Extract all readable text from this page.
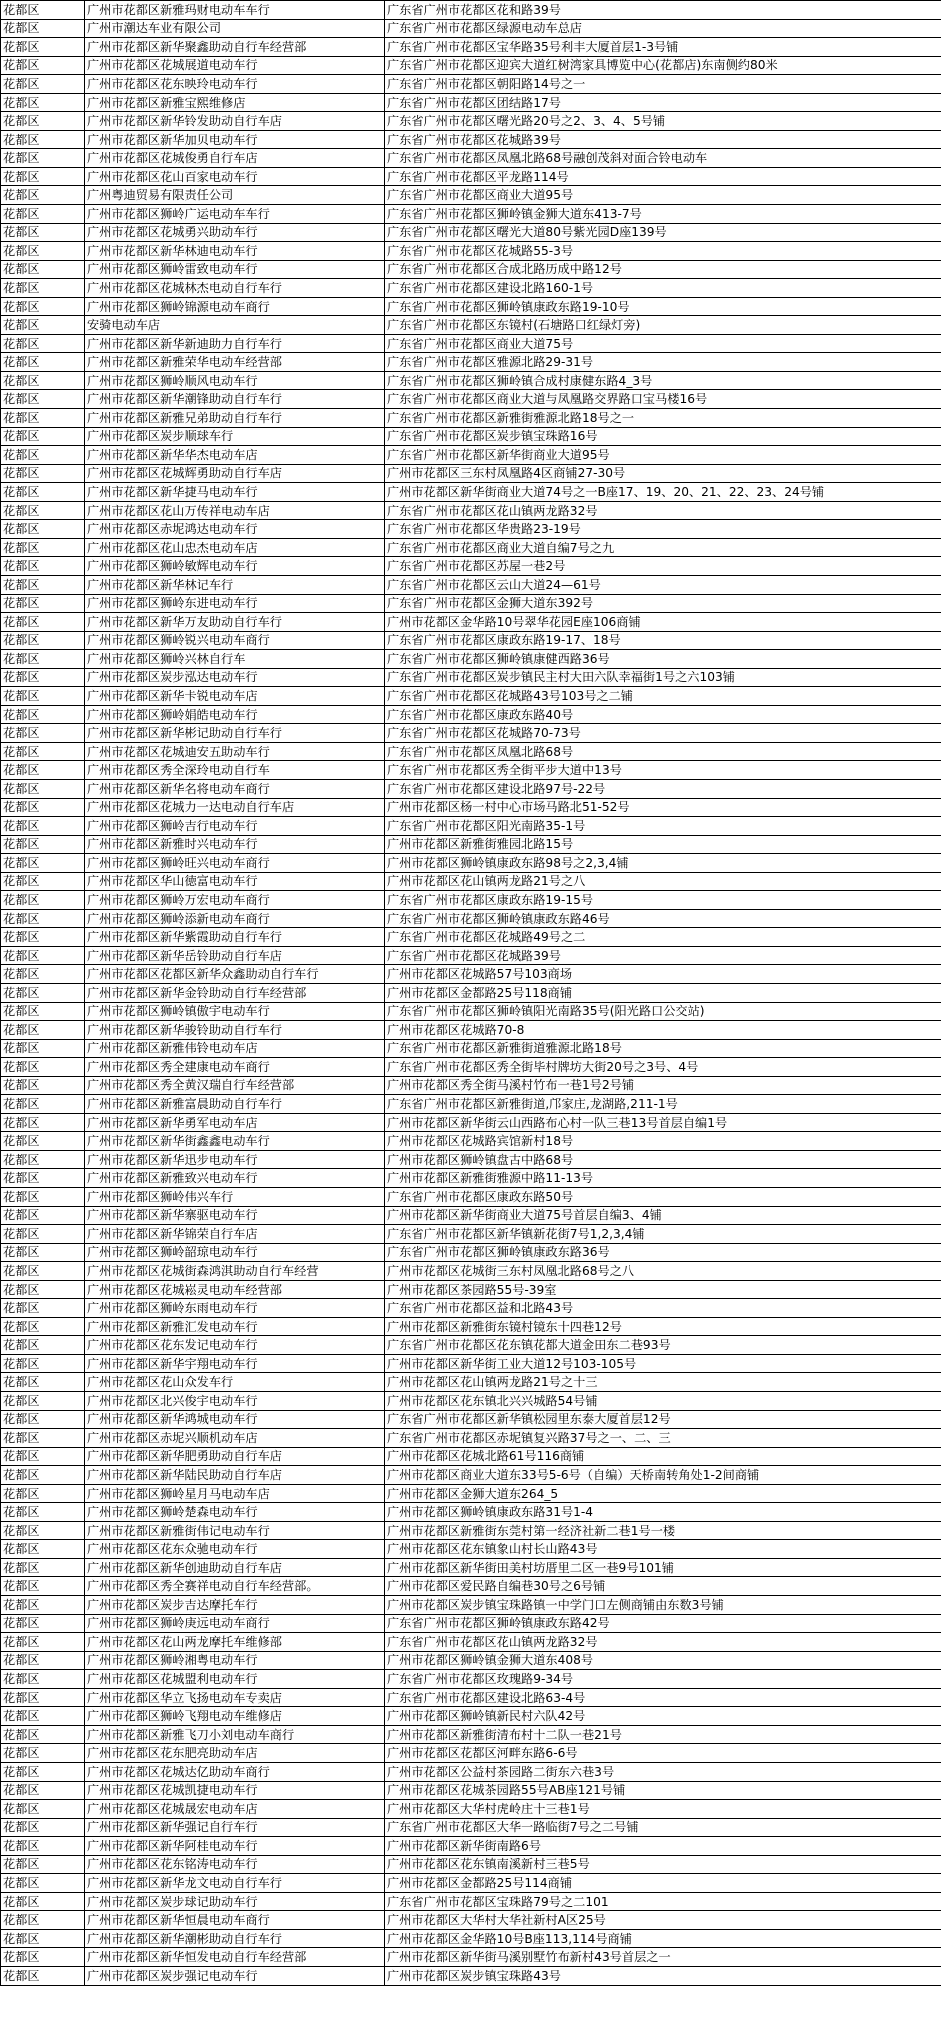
花都区	广州市花都区新雅玛财电动车车行	广东省广州市花都区花和路39号
花都区	广州市潮达车业有限公司	广东省广州市花都区绿源电动车总店
花都区	广州市花都区新华聚鑫助动自行车经营部	广东省广州市花都区宝华路35号利丰大厦首层1-3号铺
花都区	广州市花都区花城展道电动车行	广东省广州市花都区迎宾大道红树湾家具博览中心(花都店)东南侧约80米
花都区	广州市花都区花东映玲电动车行	广东省广州市花都区朝阳路14号之一
花都区	广州市花都区新雅宝熙维修店	广东省广州市花都区团结路17号
花都区	广州市花都区新华铃发助动自行车店	广东省广州市花都区曙光路20号之2、3、4、5号铺
花都区	广州市花都区新华加贝电动车行	广东省广州市花都区花城路39号
花都区	广州市花都区花城俊勇自行车店	广东省广州市花都区凤凰北路68号融创茂斜对面合铃电动车
花都区	广州市花都区花山百家电动车行	广东省广州市花都区平龙路114号
花都区	广州粤迪贸易有限责任公司	广东省广州市花都区商业大道95号
花都区	广州市花都区狮岭广运电动车车行	广东省广州市花都区狮岭镇金狮大道东413-7号
花都区	广州市花都区花城勇兴助动车行	广东省广州市花都区曙光大道80号紫光园D座139号
花都区	广州市花都区新华林迪电动车行	广东省广州市花都区花城路55-3号
花都区	广州市花都区狮岭雷致电动车行	广东省广州市花都区合成北路历成中路12号
花都区	广州市花都区花城林杰电动自行车行	广东省广州市花都区建设北路160-1号
花都区	广州市花都区狮岭锦源电动车商行	广东省广州市花都区狮岭镇康政东路19-10号
花都区	安骑电动车店	广东省广州市花都区东镜村(石塘路口红绿灯旁)
花都区	广州市花都区新华新迪助力自行车行	广东省广州市花都区商业大道75号
花都区	广州市花都区新雅荣华电动车经营部	广东省广州市花都区雅源北路29-31号
花都区	广州市花都区狮岭顺风电动车行	广东省广州市花都区狮岭镇合成村康健东路4_3号
花都区	广州市花都区新华潮锋助动自行车行	广东省广州市花都区商业大道与凤凰路交界路口宝马楼16号
花都区	广州市花都区新雅兄弟助动自行车行	广东省广州市花都区新雅街雅源北路18号之一
花都区	广州市花都区炭步顺球车行	广东省广州市花都区炭步镇宝珠路16号
花都区	广州市花都区新华华杰电动车店	广东省广州市花都区新华街商业大道95号
花都区	广州市花都区花城辉勇助动自行车店	广州市花都区三东村凤凰路4区商铺27-30号
花都区	广州市花都区新华捷马电动车行	广州市花都区新华街商业大道74号之一B座17、19、20、21、22、23、24号铺
花都区	广州市花都区花山万传祥电动车店	广东省广州市花都区花山镇两龙路32号
花都区	广州市花都区赤坭鸿达电动车行	广东省广州市花都区华贵路23-19号
花都区	广州市花都区花山忠杰电动车店	广东省广州市花都区商业大道自编7号之九
花都区	广州市花都区狮岭敏辉电动车行	广东省广州市花都区苏屋一巷2号
花都区	广州市花都区新华林记车行	广东省广州市花都区云山大道24—61号
花都区	广州市花都区狮岭东进电动车行	广东省广州市花都区金狮大道东392号
花都区	广州市花都区新华万友助动自行车行	广州市花都区金华路10号翠华花园E座106商铺
花都区	广州市花都区狮岭锐兴电动车商行	广东省广州市花都区康政东路19-17、18号
花都区	广州市花都区狮岭兴林自行车	广东省广州市花都区狮岭镇康健西路36号
花都区	广州市花都区炭步泓达电动车行	广东省广州市花都区炭步镇民主村大田六队幸福街1号之六103铺
花都区	广州市花都区新华卡锐电动车店	广东省广州市花都区花城路43号103号之二铺
花都区	广州市花都区狮岭娟皓电动车行	广东省广州市花都区康政东路40号
花都区	广州市花都区新华彬记助动自行车行	广东省广州市花都区花城路70-73号
花都区	广州市花都区花城迪安五助动车行	广东省广州市花都区凤凰北路68号
花都区	广州市花都区秀全深玲电动自行车	广东省广州市花都区秀全街平步大道中13号
花都区	广州市花都区新华名将电动车商行	广东省广州市花都区建设北路97号-22号
花都区	广州市花都区花城力一达电动自行车店	广州市花都区杨一村中心市场马路北51-52号
花都区	广州市花都区狮岭吉行电动车行	广东省广州市花都区阳光南路35-1号
花都区	广州市花都区新雅时兴电动车行	广州市花都区新雅街雅园北路15号
花都区	广州市花都区狮岭旺兴电动车商行	广州市花都区狮岭镇康政东路98号之2,3,4铺
花都区	广州市花都区华山徳富电动车行	广州市花都区花山镇两龙路21号之八
花都区	广州市花都区狮岭万宏电动车商行	广东省广州市花都区康政东路19-15号
花都区	广州市花都区狮岭添新电动车商行	广东省广州市花都区狮岭镇康政东路46号
花都区	广州市花都区新华紫霞助动自行车行	广东省广州市花都区花城路49号之二
花都区	广州市花都区新华岳铃助动自行车店	广东省广州市花都区花城路39号
花都区	广州市花都区花都区新华众鑫助动自行车行	广州市花都区花城路57号103商场
花都区	广州市花都区新华金铃助动自行车经营部	广州市花都区金都路25号118商铺
花都区	广州市花都区狮岭镇傲宇电动车行	广东省广州市花都区狮岭镇阳光南路35号(阳光路口公交站)
花都区	广州市花都区新华骏铃助动自行车行	广州市花都区花城路70-8
花都区	广州市花都区新雅伟铃电动车店	广东省广州市花都区新雅街道雅源北路18号
花都区	广州市花都区秀全建康电动车商行	广东省广州市花都区秀全街毕村牌坊大街20号之3号、4号
花都区	广州市花都区秀全黄汉瑞自行车经营部	广州市花都区秀全街马溪村竹布一巷1号2号铺
花都区	广州市花都区新雅富晨助动自行车行	广东省广州市花都区新雅街道,邝家庄,龙湖路,211-1号
花都区	广州市花都区新华勇军电动车店	广州市花都区新华街云山西路布心村一队三巷13号首层自编1号
花都区	广州市花都区新华街鑫鑫电动车行	广州市花都区花城路宾馆新村18号
花都区	广州市花都区新华迅步电动车行	广州市花都区狮岭镇盘古中路68号
花都区	广州市花都区新雅致兴电动车行	广州市花都区新雅街雅源中路11-13号
花都区	广州市花都区狮岭伟兴车行	广东省广州市花都区康政东路50号
花都区	广州市花都区新华寨驱电动车行	广州市花都区新华街商业大道75号首层自编3、4铺
花都区	广州市花都区新华锦荣自行车店	广东省广州市花都区新华镇新花街7号1,2,3,4铺
花都区	广州市花都区狮岭韶琼电动车行	广东省广州市花都区狮岭镇康政东路36号
花都区	广州市花都区花城街森鸿淇助动自行车经营	广州市花都区花城街三东村凤凰北路68号之八
花都区	广州市花都区花城崧灵电动车经营部	广州市花都区茶园路55号-39室
花都区	广州市花都区狮岭东雨电动车行	广东省广州市花都区益和北路43号
花都区	广州市花都区新雅汇发电动车行	广州市花都区新雅街东镜村镜东十四巷12号
花都区	广州市花都区花东发记电动车行	广东省广州市花都区花东镇花都大道金田东二巷93号
花都区	广州市花都区新华宇翔电动车行	广州市花都区新华街工业大道12号103-105号
花都区	广州市花都区花山众发车行	广州市花都区花山镇两龙路21号之十三
花都区	广州市花都区北兴俊宇电动车行	广州市花都区花东镇北兴兴城路54号铺
花都区	广州市花都区新华鸿城电动车行	广东省广州市花都区新华镇松园里东泰大厦首层12号
花都区	广州市花都区赤坭兴顺机动车店	广东省广州市花都区赤坭镇复兴路37号之一、二、三
花都区	广州市花都区新华肥勇助动自行车店	广州市花都区花城北路61号116商铺
花都区	广州市花都区新华陆民助动自行车店	广州市花都区商业大道东33号5-6号（自编）天桥南转角处1-2间商铺
花都区	广州市花都区狮岭星月马电动车店	广州市花都区金狮大道东264_5
花都区	广州市花都区狮岭楚森电动车行	广州市花都区狮岭镇康政东路31号1-4
花都区	广州市花都区新雅街伟记电动车行	广州市花都区新雅街东莞村第一经济社新二巷1号一楼
花都区	广州市花都区花东众驰电动车行	广州市花都区花东镇象山村长山路43号
花都区	广州市花都区新华创迪助动自行车店	广州市花都区新华街田美村坊厝里二区一巷9号101铺
花都区	广州市花都区秀全赛祥电动自行车经营部。	广州市花都区爱民路自编巷30号之6号铺
花都区	广州市花都区炭步吉达摩托车行	广州市花都区炭步镇宝珠路镇一中学门口左侧商铺由东数3号铺
花都区	广州市花都区狮岭庚远电动车商行	广东省广州市花都区狮岭镇康政东路42号
花都区	广州市花都区花山两龙摩托车维修部	广东省广州市花都区花山镇两龙路32号
花都区	广州市花都区狮岭湘粤电动车行	广州市花都区狮岭镇金狮大道东408号
花都区	广州市花都区花城盟利电动车行	广东省广州市花都区玫瑰路9-34号
花都区	广州市花都区华立飞扬电动车专卖店	广东省广州市花都区建设北路63-4号
花都区	广州市花都区狮岭飞翔电动车维修店	广州市花都区狮岭镇新民村六队42号
花都区	广州市花都区新雅飞刀小刘电动车商行	广州市花都区新雅街清布村十二队一巷21号
花都区	广州市花都区花东肥亮助动车店	广州市花都区花都区河畔东路6-6号
花都区	广州市花都区花城达亿助动车商行	广州市花都区公益村茶园路二街东六巷3号
花都区	广州市花都区花城凯捷电动车行	广州市花都区花城茶园路55号AB座121号铺
花都区	广州市花都区花城晟宏电动车店	广州市花都区大华村虎岭庄十三巷1号
花都区	广州市花都区新华强记自行车行	广东省广州市花都区大华一路临街7号之二号铺
花都区	广州市花都区新华阿桂电动车行	广州市花都区新华街南路6号
花都区	广州市花都区花东铭涛电动车行	广州市花都区花东镇南溪新村三巷5号
花都区	广州市花都区新华龙文电动自行车行	广州市花都区金都路25号114商铺
花都区	广州市花都区炭步球记助动车行	广东省广州市花都区宝珠路79号之二101
花都区	广州市花都区新华恒晨电动车商行	广州市花都区大华村大华社新村A区25号
花都区	广州市花都区新华潮彬助动自行车行	广州市花都区金华路10号B座113,114号商铺
花都区	广州市花都区新华恒发电动自行车经营部	广州市花都区新华街马溪别墅竹布新村43号首层之一
花都区	广州市花都区炭步强记电动车行	广州市花都区炭步镇宝珠路43号
